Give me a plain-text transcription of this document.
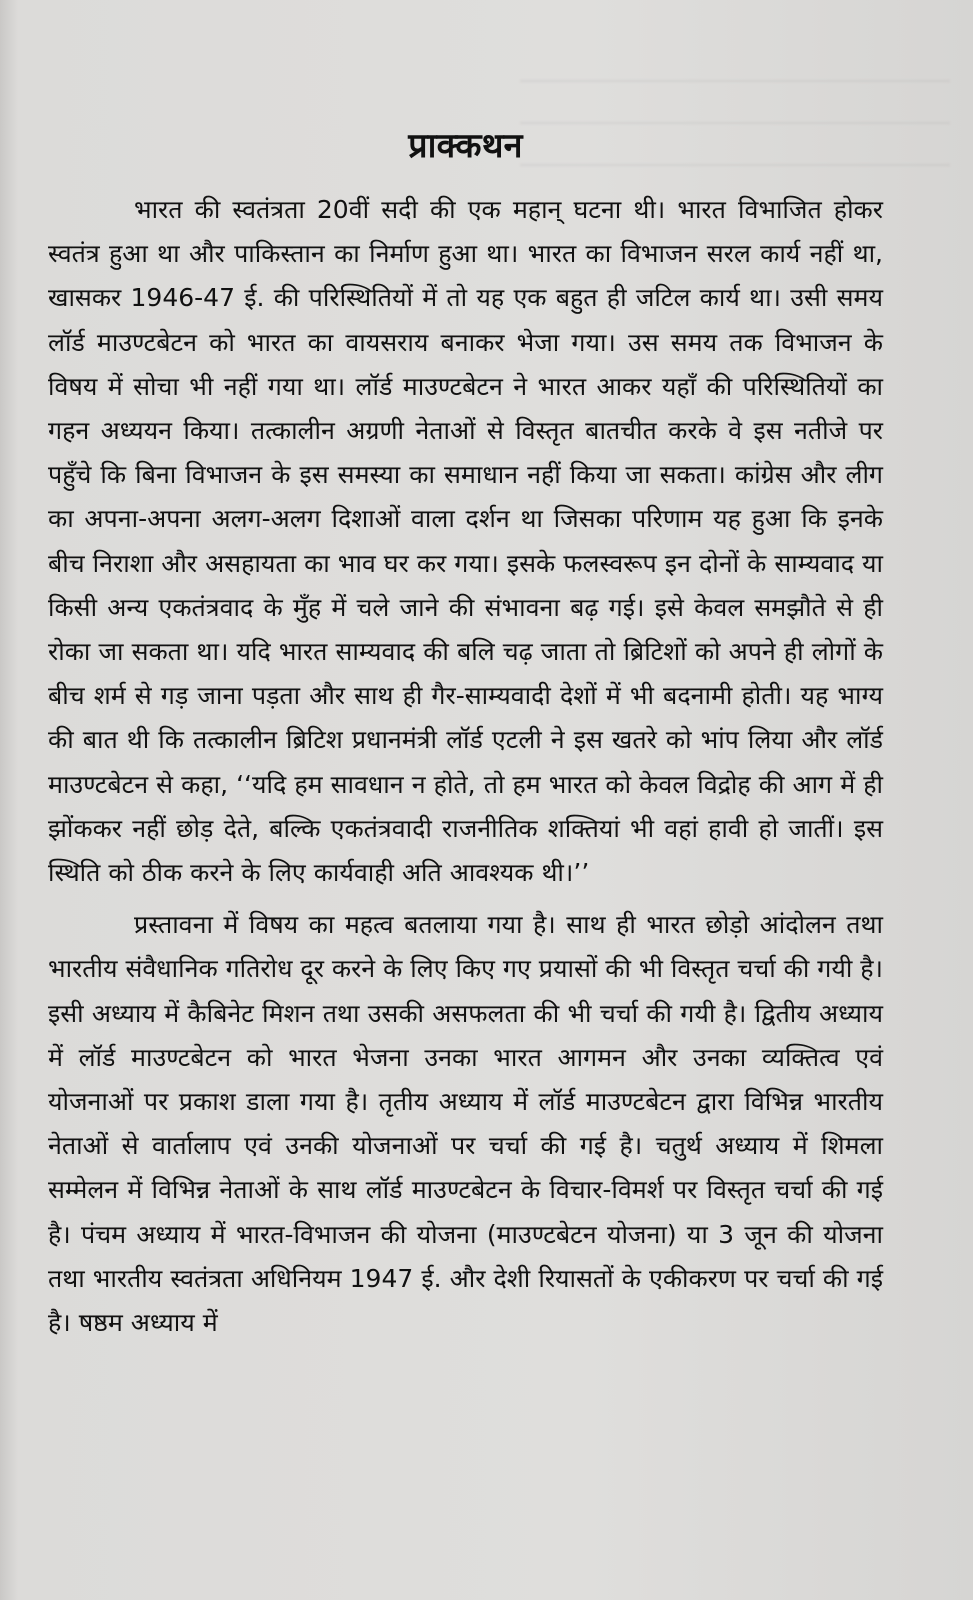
प्राक्कथन

भारत की स्वतंत्रता 20वीं सदी की एक महान् घटना थी। भारत विभाजित होकर स्वतंत्र हुआ था और पाकिस्तान का निर्माण हुआ था। भारत का विभाजन सरल कार्य नहीं था, खासकर 1946-47 ई. की परिस्थितियों में तो यह एक बहुत ही जटिल कार्य था। उसी समय लॉर्ड माउण्टबेटन को भारत का वायसराय बनाकर भेजा गया। उस समय तक विभाजन के विषय में सोचा भी नहीं गया था। लॉर्ड माउण्टबेटन ने भारत आकर यहाँ की परिस्थितियों का गहन अध्ययन किया। तत्कालीन अग्रणी नेताओं से विस्तृत बातचीत करके वे इस नतीजे पर पहुँचे कि बिना विभाजन के इस समस्या का समाधान नहीं किया जा सकता। कांग्रेस और लीग का अपना-अपना अलग-अलग दिशाओं वाला दर्शन था जिसका परिणाम यह हुआ कि इनके बीच निराशा और असहायता का भाव घर कर गया। इसके फलस्वरूप इन दोनों के साम्यवाद या किसी अन्य एकतंत्रवाद के मुँह में चले जाने की संभावना बढ़ गई। इसे केवल समझौते से ही रोका जा सकता था। यदि भारत साम्यवाद की बलि चढ़ जाता तो ब्रिटिशों को अपने ही लोगों के बीच शर्म से गड़ जाना पड़ता और साथ ही गैर-साम्यवादी देशों में भी बदनामी होती। यह भाग्य की बात थी कि तत्कालीन ब्रिटिश प्रधानमंत्री लॉर्ड एटली ने इस खतरे को भांप लिया और लॉर्ड माउण्टबेटन से कहा, ‘‘यदि हम सावधान न होते, तो हम भारत को केवल विद्रोह की आग में ही झोंककर नहीं छोड़ देते, बल्कि एकतंत्रवादी राजनीतिक शक्तियां भी वहां हावी हो जातीं। इस स्थिति को ठीक करने के लिए कार्यवाही अति आवश्यक थी।’’

प्रस्तावना में विषय का महत्व बतलाया गया है। साथ ही भारत छोड़ो आंदोलन तथा भारतीय संवैधानिक गतिरोध दूर करने के लिए किए गए प्रयासों की भी विस्तृत चर्चा की गयी है। इसी अध्याय में कैबिनेट मिशन तथा उसकी असफलता की भी चर्चा की गयी है। द्वितीय अध्याय में लॉर्ड माउण्टबेटन को भारत भेजना उनका भारत आगमन और उनका व्यक्तित्व एवं योजनाओं पर प्रकाश डाला गया है। तृतीय अध्याय में लॉर्ड माउण्टबेटन द्वारा विभिन्न भारतीय नेताओं से वार्तालाप एवं उनकी योजनाओं पर चर्चा की गई है। चतुर्थ अध्याय में शिमला सम्मेलन में विभिन्न नेताओं के साथ लॉर्ड माउण्टबेटन के विचार-विमर्श पर विस्तृत चर्चा की गई है। पंचम अध्याय में भारत-विभाजन की योजना (माउण्टबेटन योजना) या 3 जून की योजना तथा भारतीय स्वतंत्रता अधिनियम 1947 ई. और देशी रियासतों के एकीकरण पर चर्चा की गई है। षष्ठम अध्याय में
